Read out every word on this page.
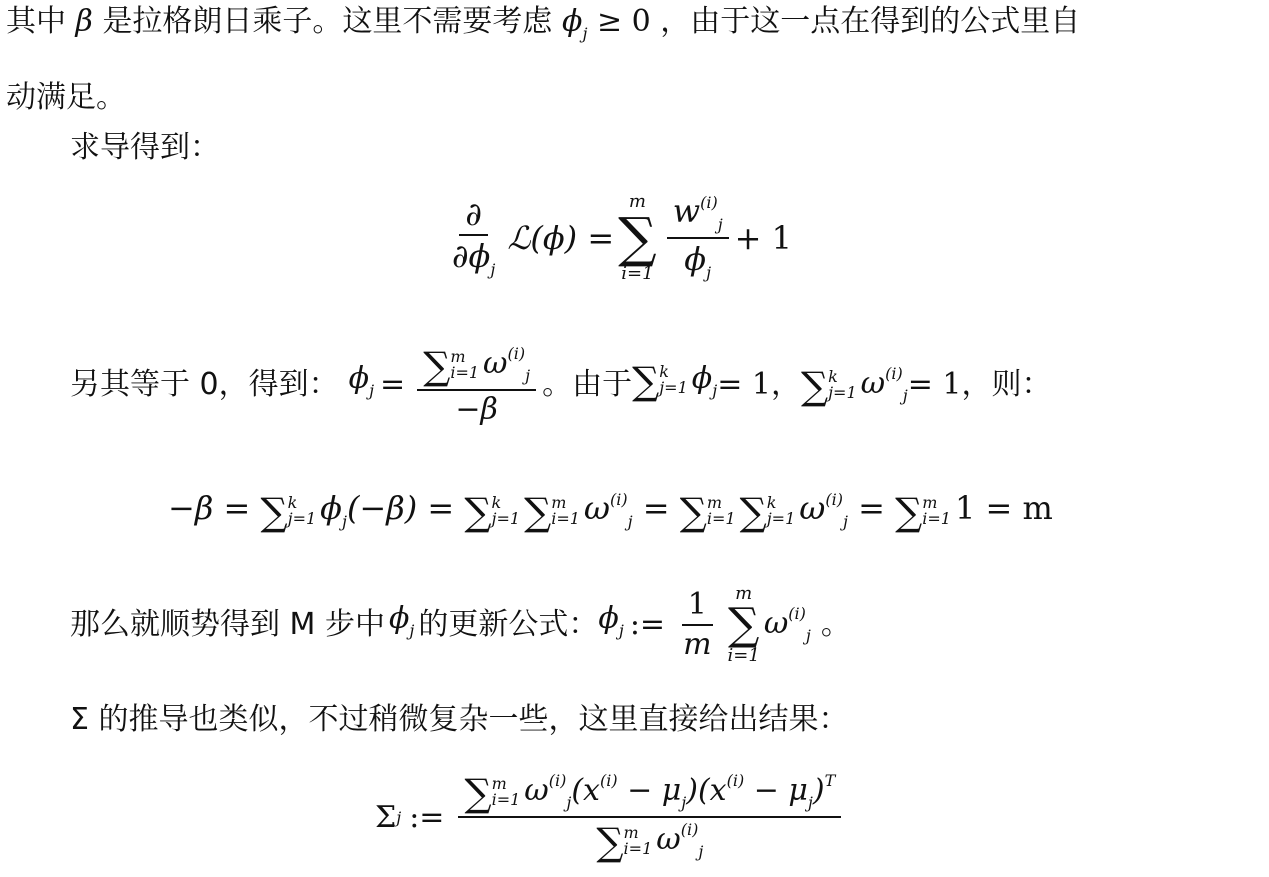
其中 β 是拉格朗日乘子。这里不需要考虑 $\phi_j \ge 0$ ，由于这一点在得到的公式里自
动满足。
求导得到：
$\frac{\partial}{\partial\phi_j}$ ℒ(ϕ) =
m
∑
$i=1 \frac{w^{(i)}_j}{\phi_j} + 1$
另其等于 0，得到： $\phi_j$ = ∑ m
i=1 $\omega^{(i)}_j$
−β 。由于 ∑ k
j=1 $\phi_j = 1$ ， ∑ k
j=1 $\omega^{(i)}_j = 1$ ，则：
−β = ∑ k
j=1 $\phi_j(-\beta)$ = ∑ k
j=1 ∑ m
i=1 $\omega^{(i)}_j$ = ∑ m
i=1 ∑ k
j=1 $\omega^{(i)}_j$ = ∑ m
i=1 1 = m
那么就顺势得到 M 步中 $\phi_j$ 的更新公式： $\phi_j$ := $\frac{1}{m}$ m
∑
i=1
$\omega^{(i)}_j$ 。
Σ 的推导也类似，不过稍微复杂一些，这里直接给出结果：
Σ j := ∑ m
i=1 $\omega^{(i)}_j(x^{(i)} - \mu_j)(x^{(i)} - \mu_j)^T$
∑ m
i=1 $\omega^{(i)}_j$
